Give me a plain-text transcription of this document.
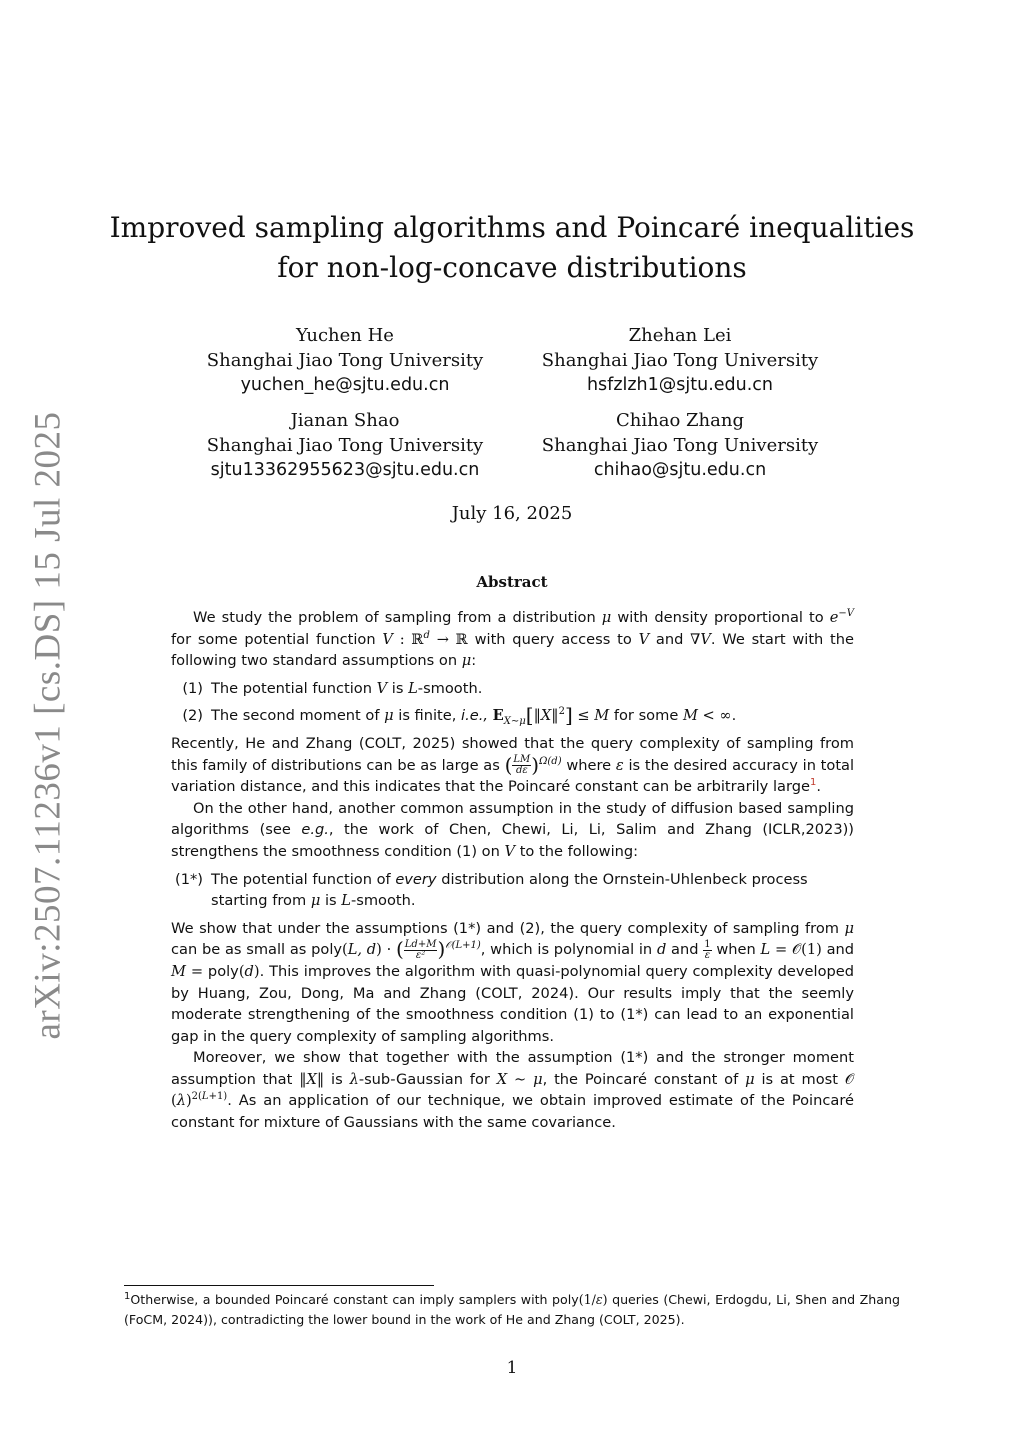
arXiv:2507.11236v1 [cs.DS] 15 Jul 2025
Improved sampling algorithms and Poincaré inequalities
for non-log-concave distributions
Yuchen He
Shanghai Jiao Tong University
yuchen_he@sjtu.edu.cn
Zhehan Lei
Shanghai Jiao Tong University
hsfzlzh1@sjtu.edu.cn
Jianan Shao
Shanghai Jiao Tong University
sjtu13362955623@sjtu.edu.cn
Chihao Zhang
Shanghai Jiao Tong University
chihao@sjtu.edu.cn
July 16, 2025
Abstract

We study the problem of sampling from a distribution μ with density proportional to $e^{-V}$ for some potential function V : ℝ$^d$ → ℝ with query access to V and ∇V. We start with the following two standard assumptions on μ:

(1) The potential function V is L-smooth.
(2) The second moment of μ is finite, i.e., $E_{X\sim\mu}[‖X‖^2] \le M$ for some M < ∞.

Recently, He and Zhang (COLT, 2025) showed that the query complexity of sampling from this family of distributions can be as large as ( $\frac{LM}{d\varepsilon} )^{\Omega(d)}$ where ε is the desired accuracy in total variation distance, and this indicates that the Poincaré constant can be arbitrarily large$^1$.

On the other hand, another common assumption in the study of diffusion based sampling algorithms (see e.g., the work of Chen, Chewi, Li, Li, Salim and Zhang (ICLR,2023)) strengthens the smoothness condition (1) on V to the following:

(1*) The potential function of every distribution along the Ornstein-Uhlenbeck process starting from μ is L-smooth.

We show that under the assumptions (1*) and (2), the query complexity of sampling from μ can be as small as poly(L, d) · ( $\frac{Ld+M}{\text{ε²}} )^{𝒪(L+1)}$, which is polynomial in d and $\frac{1}{\varepsilon}$ when L = 𝒪(1) and M = poly(d). This improves the algorithm with quasi-polynomial query complexity developed by Huang, Zou, Dong, Ma and Zhang (COLT, 2024). Our results imply that the seemly moderate strengthening of the smoothness condition (1) to (1*) can lead to an exponential gap in the query complexity of sampling algorithms.

Moreover, we show that together with the assumption (1*) and the stronger moment assumption that ‖X‖ is λ-sub-Gaussian for X ∼ μ, the Poincaré constant of μ is at most 𝒪 $(\lambda)^{2(L+1)}$. As an application of our technique, we obtain improved estimate of the Poincaré constant for mixture of Gaussians with the same covariance.

$^1$Otherwise, a bounded Poincaré constant can imply samplers with poly(1/ε) queries (Chewi, Erdogdu, Li, Shen and Zhang (FoCM, 2024)), contradicting the lower bound in the work of He and Zhang (COLT, 2025).
1
